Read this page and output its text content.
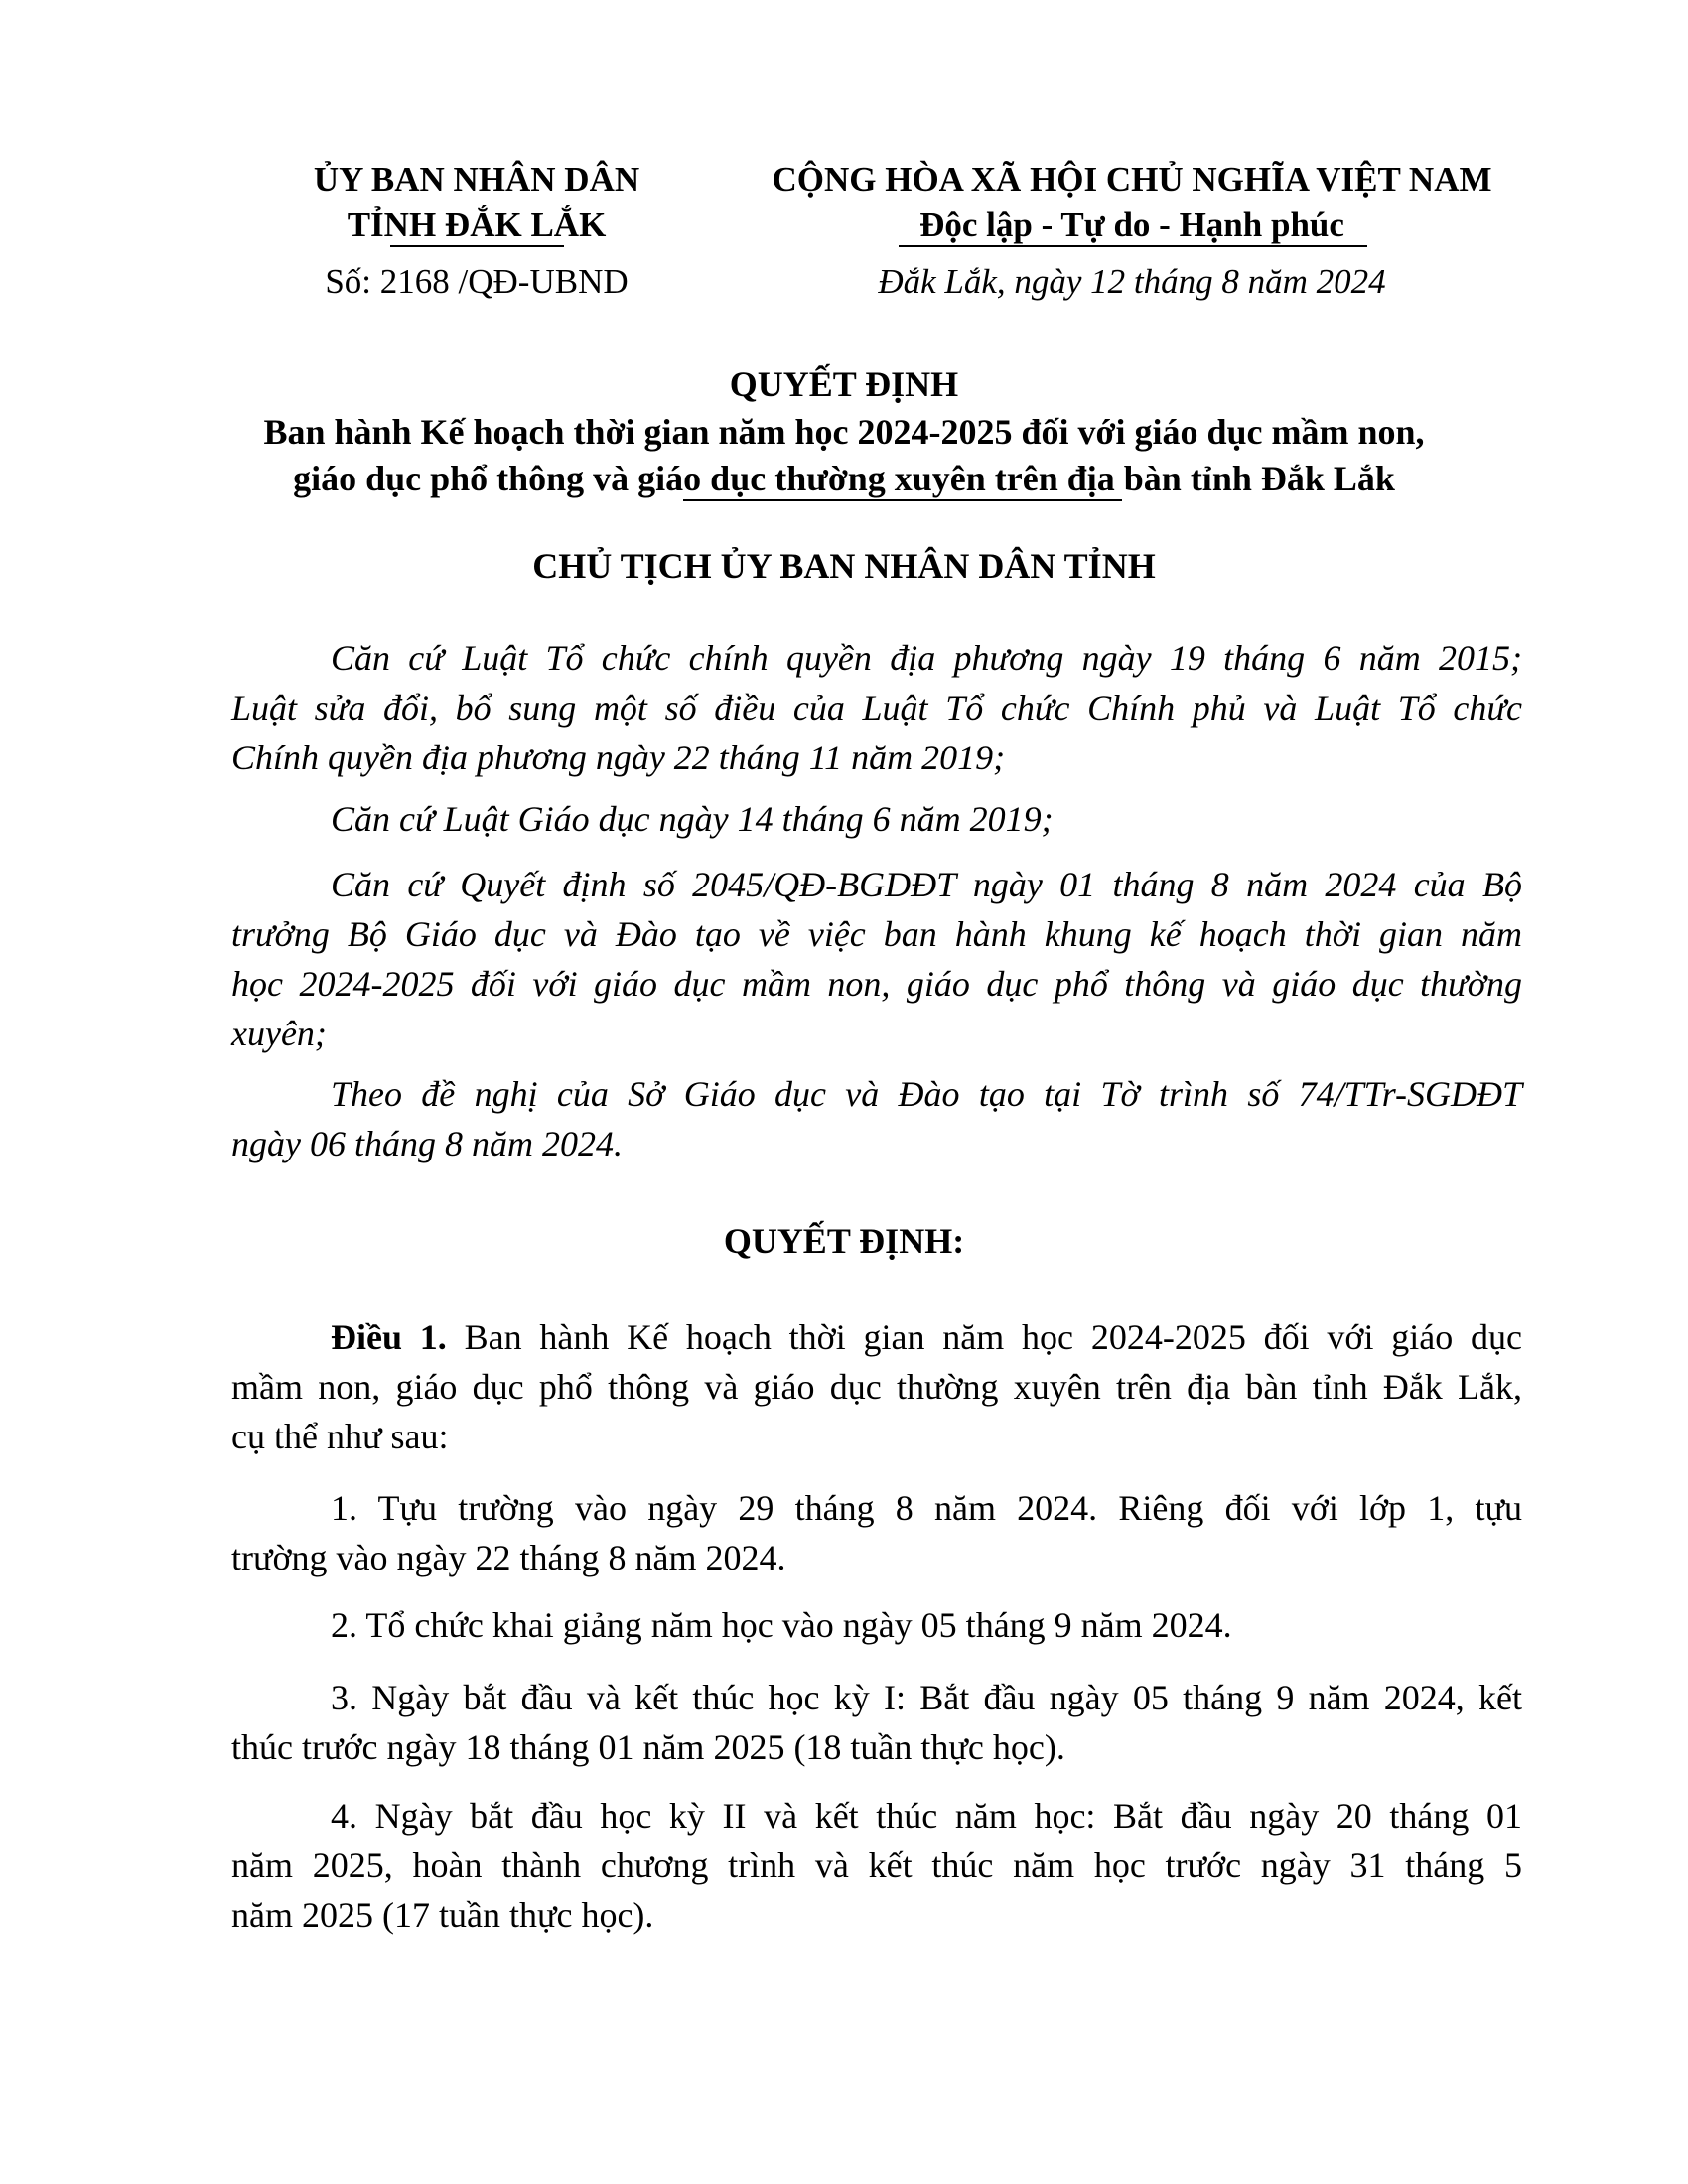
ỦY BAN NHÂN DÂN
TỈNH ĐẮK LẮK
Số: 2168 /QĐ-UBND
CỘNG HÒA XÃ HỘI CHỦ NGHĨA VIỆT NAM
Độc lập - Tự do - Hạnh phúc
Đắk Lắk, ngày 12 tháng 8 năm 2024
QUYẾT ĐỊNH
Ban hành Kế hoạch thời gian năm học 2024-2025 đối với giáo dục mầm non,
giáo dục phổ thông và giáo dục thường xuyên trên địa bàn tỉnh Đắk Lắk
CHỦ TỊCH ỦY BAN NHÂN DÂN TỈNH
Căn cứ Luật Tổ chức chính quyền địa phương ngày 19 tháng 6 năm 2015;
Luật sửa đổi, bổ sung một số điều của Luật Tổ chức Chính phủ và Luật Tổ chức
Chính quyền địa phương ngày 22 tháng 11 năm 2019;
Căn cứ Luật Giáo dục ngày 14 tháng 6 năm 2019;
Căn cứ Quyết định số 2045/QĐ-BGDĐT ngày 01 tháng 8 năm 2024 của Bộ
trưởng Bộ Giáo dục và Đào tạo về việc ban hành khung kế hoạch thời gian năm
học 2024-2025 đối với giáo dục mầm non, giáo dục phổ thông và giáo dục thường
xuyên;
Theo đề nghị của Sở Giáo dục và Đào tạo tại Tờ trình số 74/TTr-SGDĐT
ngày 06 tháng 8 năm 2024.
QUYẾT ĐỊNH:
Điều 1. Ban hành Kế hoạch thời gian năm học 2024-2025 đối với giáo dục
mầm non, giáo dục phổ thông và giáo dục thường xuyên trên địa bàn tỉnh Đắk Lắk,
cụ thể như sau:
1. Tựu trường vào ngày 29 tháng 8 năm 2024. Riêng đối với lớp 1, tựu
trường vào ngày 22 tháng 8 năm 2024.
2. Tổ chức khai giảng năm học vào ngày 05 tháng 9 năm 2024.
3. Ngày bắt đầu và kết thúc học kỳ I: Bắt đầu ngày 05 tháng 9 năm 2024, kết
thúc trước ngày 18 tháng 01 năm 2025 (18 tuần thực học).
4. Ngày bắt đầu học kỳ II và kết thúc năm học: Bắt đầu ngày 20 tháng 01
năm 2025, hoàn thành chương trình và kết thúc năm học trước ngày 31 tháng 5
năm 2025 (17 tuần thực học).
